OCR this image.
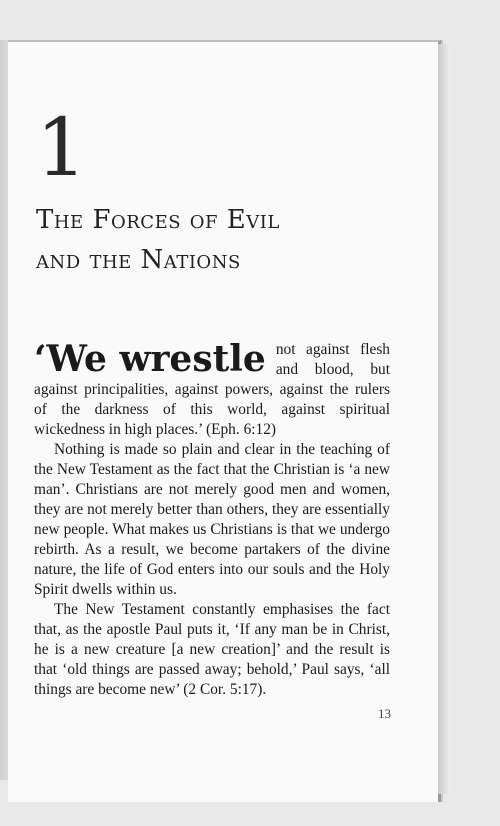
1
The Forces of Evil
and the Nations

‘We wrestle not against flesh and blood, but against principalities, against powers, against the rulers of the darkness of this world, against spiritual wickedness in high places.’ (Eph. 6:12)

Nothing is made so plain and clear in the teaching of the New Testament as the fact that the Christian is ‘a new man’. Christians are not merely good men and women, they are not merely better than others, they are essentially new people. What makes us Christians is that we undergo rebirth. As a result, we become partakers of the divine nature, the life of God enters into our souls and the Holy Spirit dwells within us.

The New Testament constantly emphasises the fact that, as the apostle Paul puts it, ‘If any man be in Christ, he is a new creature [a new creation]’ and the result is that ‘old things are passed away; behold,’ Paul says, ‘all things are become new’ (2 Cor. 5:17).

13
